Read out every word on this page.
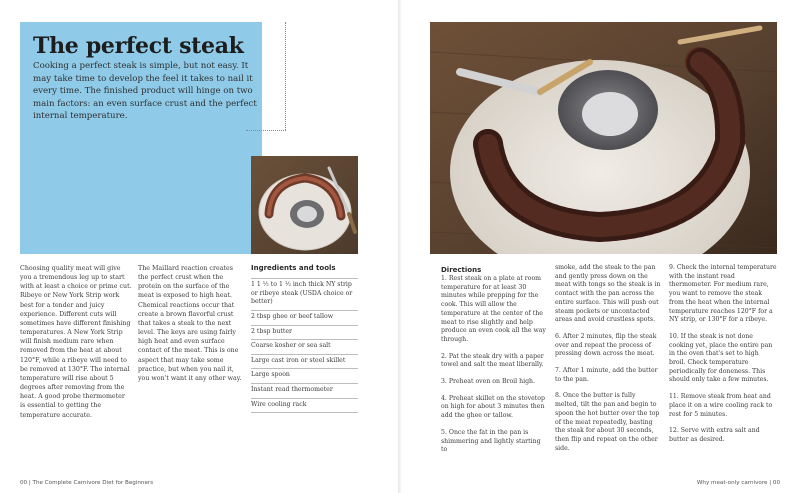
The perfect steak

Cooking a perfect steak is simple, but not easy. It may take time to develop the feel it takes to nail it every time. The finished product will hinge on two main factors: an even surface crust and the perfect internal temperature.

Choosing quality meat will give you a tremendous leg up to start with at least a choice or prime cut. Ribeye or New York Strip work best for a tender and juicy experience. Different cuts will sometimes have different finishing temperatures. A New York Strip will finish medium rare when removed from the heat at about 120°F, while a ribeye will need to be removed at 130°F. The internal temperature will rise about 5 degrees after removing from the heat. A good probe thermometer is essential to getting the temperature accurate.
The Maillard reaction creates the perfect crust when the protein on the surface of the meat is exposed to high heat. Chemical reactions occur that create a brown flavorful crust that takes a steak to the next level. The keys are using fairly high heat and even surface contact of the meat. This is one aspect that may take some practice, but when you nail it, you won't want it any other way.
Ingredients and tools
1 1 ½ to 1 ½ inch thick NY strip or ribeye steak (USDA choice or better)
2 tbsp ghee or beef tallow
2 tbsp butter
Coarse kosher or sea salt
Large cast iron or steel skillet
Large spoon
Instant read thermometer
Wire cooling rack
00 | The Complete Carnivore Diet for Beginners
Directions

1. Rest steak on a plate at room temperature for at least 30 minutes while prepping for the cook. This will allow the temperature at the center of the meat to rise slightly and help produce an even cook all the way through.

2. Pat the steak dry with a paper towel and salt the meat liberally.

3. Preheat oven on Broil high.

4. Preheat skillet on the stovetop on high for about 3 minutes then add the ghee or tallow.

5. Once the fat in the pan is shimmering and lightly starting to

smoke, add the steak to the pan and gently press down on the meat with tongs so the steak is in contact with the pan across the entire surface. This will push out steam pockets or uncontacted areas and avoid crustless spots.

6. After 2 minutes, flip the steak over and repeat the process of pressing down across the meat.

7. After 1 minute, add the butter to the pan.

8. Once the butter is fully melted, tilt the pan and begin to spoon the hot butter over the top of the meat repeatedly, basting the steak for about 30 seconds, then flip and repeat on the other side.

9. Check the internal temperature with the instant read thermometer. For medium rare, you want to remove the steak from the heat when the internal temperature reaches 120°F for a NY strip, or 130°F for a ribeye.

10. If the steak is not done cooking yet, place the entire pan in the oven that's set to high broil. Check temperature periodically for doneness. This should only take a few minutes.

11. Remove steak from heat and place it on a wire cooling rack to rest for 5 minutes.

12. Serve with extra salt and butter as desired.

Why meat-only carnivore | 00
